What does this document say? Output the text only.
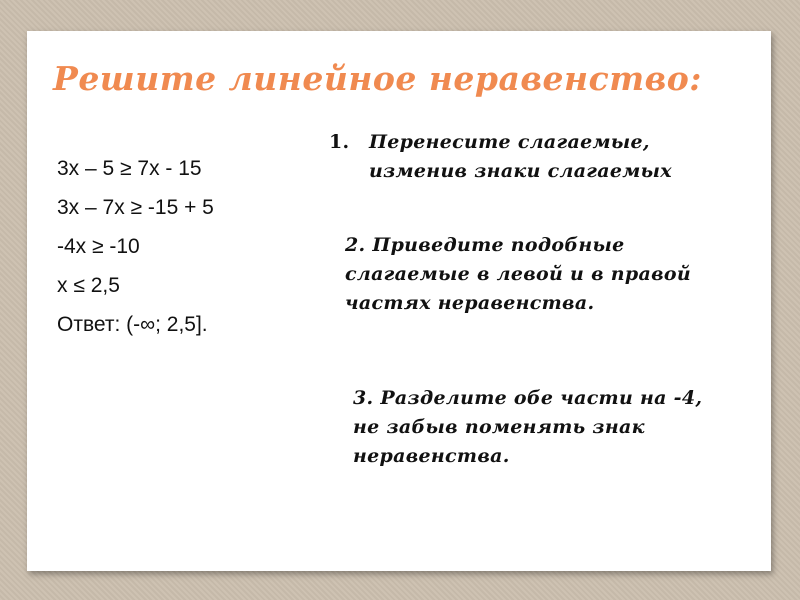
Решите линейное неравенство:
3х – 5 ≥ 7х - 15
3х – 7х ≥ -15 + 5
-4х ≥ -10
х ≤ 2,5
Ответ: (-∞; 2,5].
1. Перенесите слагаемые, изменив знаки слагаемых
2. Приведите подобные слагаемые в левой и в правой частях неравенства.
3. Разделите обе части на -4, не забыв поменять знак неравенства.
